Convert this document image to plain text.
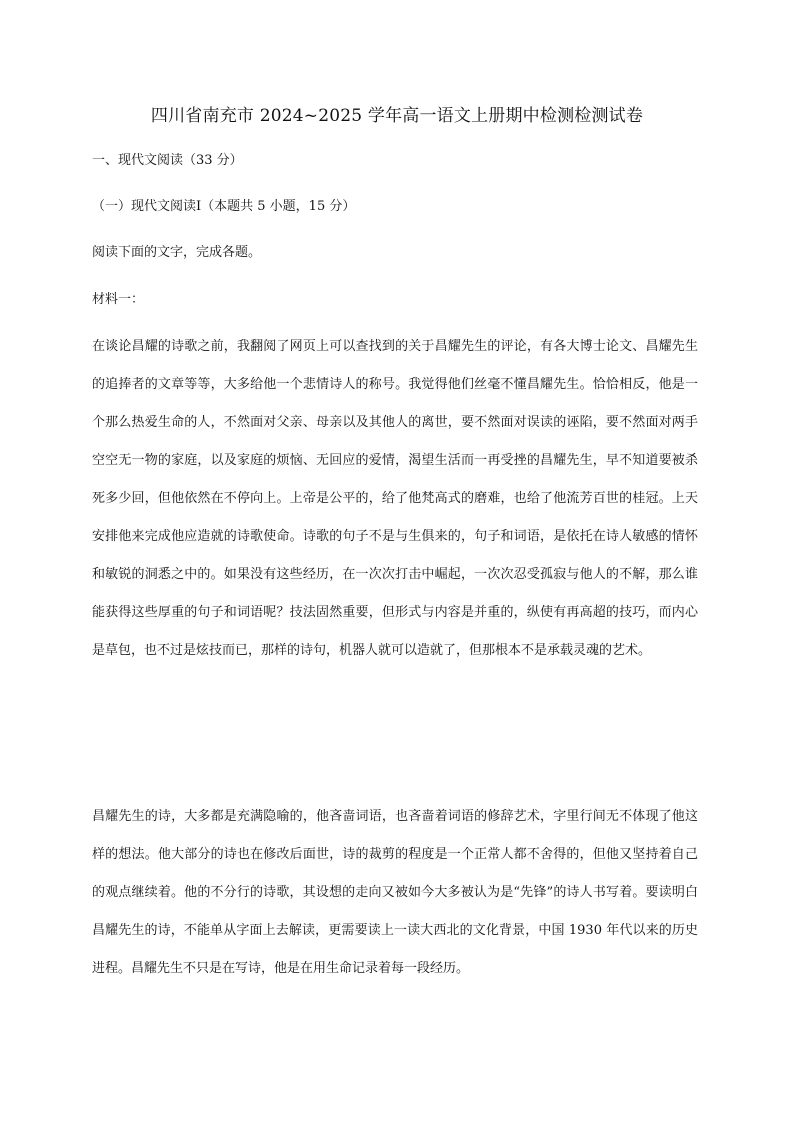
四川省南充市 2024~2025 学年高一语文上册期中检测检测试卷
一、现代文阅读（33 分）
（一）现代文阅读Ⅰ（本题共 5 小题，15 分）
阅读下面的文字，完成各题。
材料一：
在谈论昌耀的诗歌之前，我翻阅了网页上可以查找到的关于昌耀先生的评论，有各大博士论文、昌耀先生的追捧者的文章等等，大多给他一个悲情诗人的称号。我觉得他们丝毫不懂昌耀先生。恰恰相反，他是一个那么热爱生命的人，不然面对父亲、母亲以及其他人的离世，要不然面对误读的诬陷，要不然面对两手空空无一物的家庭，以及家庭的烦恼、无回应的爱情，渴望生活而一再受挫的昌耀先生，早不知道要被杀死多少回，但他依然在不停向上。上帝是公平的，给了他梵高式的磨难，也给了他流芳百世的桂冠。上天安排他来完成他应造就的诗歌使命。诗歌的句子不是与生俱来的，句子和词语，是依托在诗人敏感的情怀和敏锐的洞悉之中的。如果没有这些经历，在一次次打击中崛起，一次次忍受孤寂与他人的不解，那么谁能获得这些厚重的句子和词语呢？技法固然重要，但形式与内容是并重的，纵使有再高超的技巧，而内心是草包，也不过是炫技而已，那样的诗句，机器人就可以造就了，但那根本不是承载灵魂的艺术。
昌耀先生的诗，大多都是充满隐喻的，他吝啬词语，也吝啬着词语的修辞艺术，字里行间无不体现了他这样的想法。他大部分的诗也在修改后面世，诗的裁剪的程度是一个正常人都不舍得的，但他又坚持着自己的观点继续着。他的不分行的诗歌，其设想的走向又被如今大多被认为是“先锋”的诗人书写着。要读明白昌耀先生的诗，不能单从字面上去解读，更需要读上一读大西北的文化背景，中国 1930 年代以来的历史进程。昌耀先生不只是在写诗，他是在用生命记录着每一段经历。
